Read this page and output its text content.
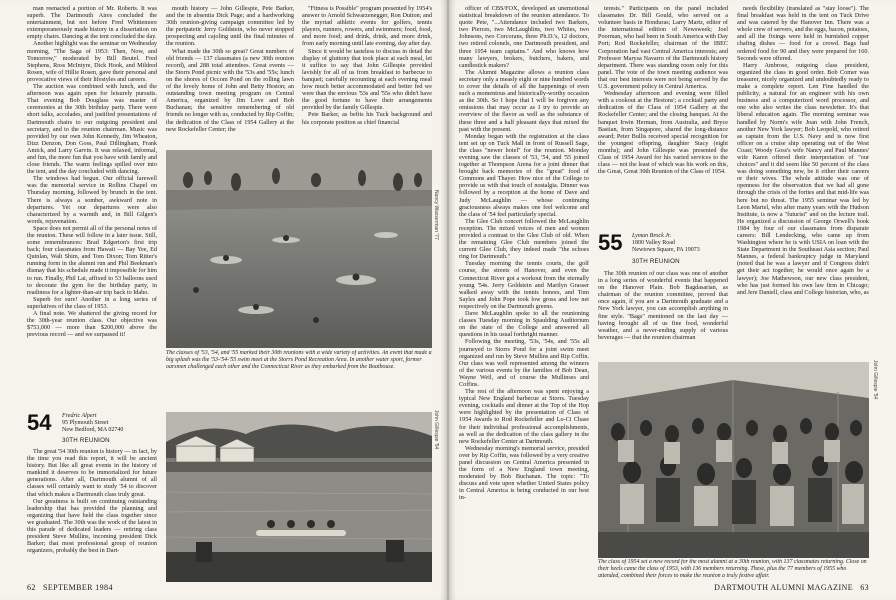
man reenacted a portion of Mr. Roberts. It was superb. The Dartmouth Aires concluded the entertainment, but not before Fred Whittemore extemporaneously made history in a dissertation on empty chairs. Dancing at the tent concluded the day.

Another highlight was the seminar on Wednesday morning, "The Saga of 1953: Then, Now, and Tomorrow," moderated by Bill Beutel. Fred Stephens, Ross McIntyre, Dick Hook, and Mildred Rosen, wife of Hillie Rosen, gave their personal and provocative views of their lifestyles and careers.

The auction was combined with lunch, and the afternoon was again open for leisurely pursuits. That evening Bob Douglass was master of ceremonies at the 30th birthday party. There were short talks, accolades, and justified presentations of Dartmouth chairs to our outgoing president and secretary, and to the reunion chairman. Music was provided by our own John Kennedy, Jim Wheaton, Dizz Denzon, Don Goss, Paul Dillingham, Frank Amick, and Larry Garvin. It was relaxed, informal, and fun, the more fun that you have with family and close friends. The warm feelings spilled over into the tent, and the day concluded with dancing.

The windows had begun. Our official farewell was the memorial service in Rollins Chapel on Thursday morning, followed by brunch in the tent. There is always a somber, awkward note in departures. Yet our departures were also characterized by a warmth and, in Bill Gilgen's words, rejuvenation.

Space does not permit all of the personal notes of the reunion. These will follow in a later issue. Still, some remembrances: Brad Edgerton's first trip back; four classmates from Hawaii — Bay Yee, Ed Quinlan, Walt Shim, and Tom Dixon; Tom Ritter's running form in the alumni run and Phil Beekman's dismay that his schedule made it impossible for him to run. Finally, Phil Lai, affixed to 53 balloons used to decorate the gym for the birthday party, in readiness for a lighter-than-air trip back to Idaho.

Superb for sure! Another in a long series of superlatives of the class of 1953.

A final note. We shattered the giving record for the 30th-year reunion class. Our objective was $753,000 — more than $200,000 above the previous record — and we surpassed it!

mouth history — John Gillespie, Pete Barker, and the in absentia Dick Page; and a hardworking 30th reunion-giving campaign committee led by the peripatetic Jerry Goldstein, who never stopped prospecting and cajoling until the final minutes of the reunion.

What made the 30th so great? Great numbers of old friends — 137 classmates (a new 30th reunion record), and 288 total attendees. Great events — the Storrs Pond picnic with the '53s and '55s; lunch on the shores of Occom Pond on the rolling lawn of the lovely home of John and Betty Heston; an outstanding town meeting program on Central America, organized by Jim Love and Bob Buchanan; the sensitive remembering of old friends no longer with us, conducted by Rip Coffin; the dedication of the Class of 1954 Gallery at the new Rockefeller Center; the

"Fitness is Possible" program presented by 1954's answer to Arnold Schwarzenegger, Ron Dutton; and the myriad athletic events for golfers, tennis players, runners, rowers, and swimmers; food, food, and more food; and drink, drink, and more drink, from early morning until late evening, day after day.

Since it would be tasteless to discuss in detail the display of gluttony that took place at each meal, let it suffice to say that John Gillespie provided lavishly for all of us from breakfast to barbecue to banquet; carefully recounting at each evening meal how much better accommodated and better fed we were than the envious '53s and '55s who didn't have the good fortune to have their arrangements provided by the family Gillespie.

Pete Barker, as befits his Tuck background and his corporate position as chief financial

Nancy Wasserman '77
The classes of '53, '54, and '55 marked their 30th reunions with a wide variety of activities. An event that made a big splash was the '53-'54-'55 swim meet at the Storrs Pond Recreation Area. In another water sport, former oarsmen challenged each other and the Connecticut River as they embarked from the Boathouse.
54 Fredric Alpert
95 Plymouth Street
New Bedford, MA 02740
30TH REUNION

The great '54 30th reunion is history — in fact, by the time you read this report, it will be ancient history. But like all great events in the history of mankind it deserves to be immortalized for future generations. After all, Dartmouth alumni of all classes will certainly want to study '54 to discover that which makes a Dartmouth class truly great.

Our greatness is built on continuing outstanding leadership that has provided the planning and organizing that have held the class together since we graduated. The 30th was the work of the latest in this parade of dedicated leaders — retiring class president Steve Mullins, incoming president Dick Barker; that most professional group of reunion organizers, probably the best in Dart-

John Gillespie '54
62 SEPTEMBER 1984

officer of CBS/FOX, developed an unemotional statistical breakdown of the reunion attendance. To quote Pete, "...Attendance included two Barkers, two Pierces, two McLaughlins, two Whites, two Johnsons, two Corcorans, three Ph.D.'s, 12 doctors, two retired colonels, one Dartmouth president, and three 1954 team captains." And who knows how many lawyers, brokers, butchers, bakers, and candlestick makers?

The Alumni Magazine allows a reunion class secretary only a measly eight or nine hundred words to cover the details of all the happenings of even such a momentous and historically-worthy occasion as the 30th. So I hope that I will be forgiven any omissions that may occur as I try to provide an overview of the flavor as well as the substance of these three and a half pleasant days that mixed the past with the present.

Monday began with the registration at the class tent set up on Tuck Mall in front of Russell Sage, the class "newer hotel" for the reunion. Monday evening saw the classes of '53, '54, and '55 joined together at Thompson Arena for a joint dinner that brought back memories of the "great" food of Commons and Thayer. How nice of the College to provide us with that touch of nostalgia. Dinner was followed by a reception at the home of Dave and Judy McLaughlin — whose continuing graciousness always makes one feel welcome and the class of '54 feel particularly special.

The Glee Club concert followed the McLaughlin reception. The mixed voices of men and women provided a contrast to the Glee Club of old. When the remaining Glee Club members joined the current Glee Club, they indeed made "the echoes ring for Dartmouth."

Tuesday morning the tennis courts, the golf course, the streets of Hanover, and even the Connecticut River got a workout from the eternally young '54s. Jerry Goldstein and Marilyn Grasser walked away with the tennis honors, and Tom Sayles and John Pope took low gross and low net respectively on the Dartmouth greens.

Dave McLaughlin spoke to all the reunioning classes Tuesday morning in Spaulding Auditorium on the state of the College and answered all questions in his usual forthright manner.

Following the meeting, '53s, '54s, and '55s all journeyed to Storrs Pond for a joint swim meet organized and run by Steve Mullins and Rip Coffin. Our class was well represented among the winners of the various events by the families of Bob Dean, Wayne Weil, and of course the Mullinses and Coffins.

The rest of the afternoon was spent enjoying a typical New England barbecue at Storrs. Tuesday evening, cocktails and dinner at the Top of the Hop were highlighted by the presentation of Class of 1954 Awards to Rod Rockefeller and Lo-Ci Chase for their individual professional accomplishments, as well as the dedication of the class gallery in the new Rockefeller Center at Dartmouth.

Wednesday morning's memorial service, presided over by Rip Coffin, was followed by a very creative panel discussion on Central America presented in the form of a New England town meeting, moderated by Bob Buchanan. The topic: "To discuss and vote upon whether United States policy in Central America is being conducted in our best in-

terests." Participants on the panel included classmates Dr. Bill Gould, who served on a volunteer basis in Honduras; Larry Martz, editor of the international edition of Newsweek; Joel Poorman, who had been in South America with Day Port; Rod Rockefeller, chairman of the IBEC Corporation had vast Central America interests; and Professor Marysa Navarro of the Dartmouth history department. There was standing room only for this panel. The vote of the town meeting audience was that our best interests were not being served by the U.S. government policy in Central America.

Wednesday afternoon and evening were filled with a cookout at the Hestons'; a cocktail party and dedication of the Class of 1954 Gallery at the Rockefeller Center; and the closing banquet. At the banquet Irwin Herman, from Australia, and Bryce Bastian, from Singapore, shared the long-distance award; Peter Bullis received special recognition for the youngest offspring, daughter Stacy (eight months); and John Gillespie was presented the Class of 1954 Award for his varied services to the class — not the least of which was his work on this, the Great, Great 30th Reunion of the Class of 1954.

55 Lyman Brock Jr.
1800 Valley Road
Newtown Square, PA 19073
30TH REUNION

The 30th reunion of our class was one of another in a long series of wonderful events that happened on the Hanover Plain. Bob Bagdasarian, as chairman of the reunion committee, proved that once again, if you are a Dartmouth graduate and a New York lawyer, you can accomplish anything in fine style. "Bags" mentioned on the last day — having brought all of us fine food, wonderful weather, and a never-ending supply of various beverages — that the reunion chairman

needs flexibility (translated as "stay loose"). The final breakfast was held in the tent on Tuck Drive and was catered by the Hanover Inn. There was a whole crew of servers, and the eggs, bacon, potatoes, and all the fixings were held in burnished copper chafing dishes — food for a crowd. Bags had ordered food for 90 and they were prepared for 160. Seconds were offered.

Harry Ambrose, outgoing class president, organized the class in good order. Bob Comer was treasurer, nicely organized and undoubtedly ready to make a complete report. Len Fine handled the publicity, a natural for an engineer with his own business and a computerized word processor, and one who also writes the class newsletter. It's that liberal education again. The morning seminar was handled by Norm's wife Joan with John French, another New York lawyer; Bob Leopold, who retired as captain from the U.S. Navy and is now first officer on a cruise ship operating out of the West Coast; Woody Goss's wife Nancy and Paul Mannes' wife Karen offered their interpretation of "our choices" and it did seem like 50 percent of the class was doing something new, be it either their careers or their wives. The whole attitude was one of openness for the observation that we had all gone through the crisis of the forties and that mid-life was here but no threat. The 1955 seminar was led by Leon Martel, who after many years with the Hudson Institute, is now a "futurist" and on the lecture trail. He organized a discussion of George Orwell's book 1984 by four of our classmates from disparate careers: Bill Lendecking, who came up from Washington where he is with USIA on loan with the State Department in the Southeast Asia section; Paul Mannes, a federal bankruptcy judge in Maryland (noted that he was a lawyer and if Congress didn't get their act together, he would once again be a lawyer); Joe Mathewson, our new class president, who has just formed his own law firm in Chicago; and Jere Daniell, class and College historian, who, as

John Gillespie '54
The class of 1954 set a new record for the most alumni at a 30th reunion, with 137 classmates returning. Close on their heels came the class of 1953, with 136 members returning. These, plus the 77 members of 1955 who attended, combined their forces to make the reunion a truly festive affair.
DARTMOUTH ALUMNI MAGAZINE 63
